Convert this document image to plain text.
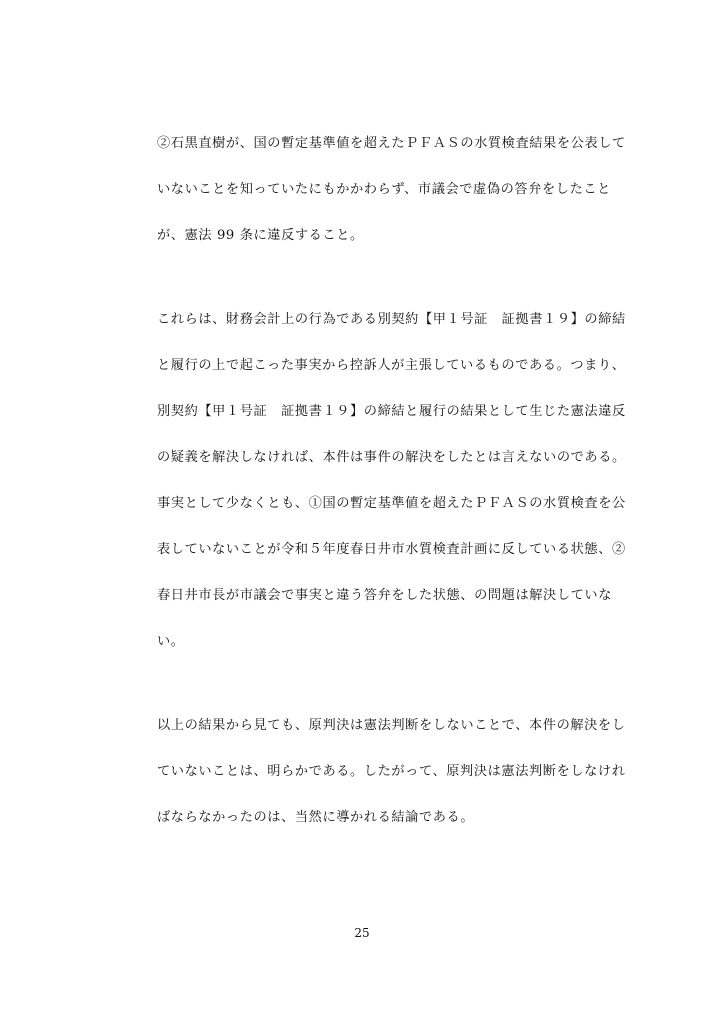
②石黒直樹が、国の暫定基準値を超えたＰＦＡＳの水質検査結果を公表して
いないことを知っていたにもかかわらず、市議会で虚偽の答弁をしたこと
が、憲法 99 条に違反すること。
これらは、財務会計上の行為である別契約【甲１号証　証拠書１９】の締結
と履行の上で起こった事実から控訴人が主張しているものである。つまり、
別契約【甲１号証　証拠書１９】の締結と履行の結果として生じた憲法違反
の疑義を解決しなければ、本件は事件の解決をしたとは言えないのである。
事実として少なくとも、①国の暫定基準値を超えたＰＦＡＳの水質検査を公
表していないことが令和５年度春日井市水質検査計画に反している状態、②
春日井市長が市議会で事実と違う答弁をした状態、の問題は解決していな
い。
以上の結果から見ても、原判決は憲法判断をしないことで、本件の解決をし
ていないことは、明らかである。したがって、原判決は憲法判断をしなけれ
ばならなかったのは、当然に導かれる結論である。
25
